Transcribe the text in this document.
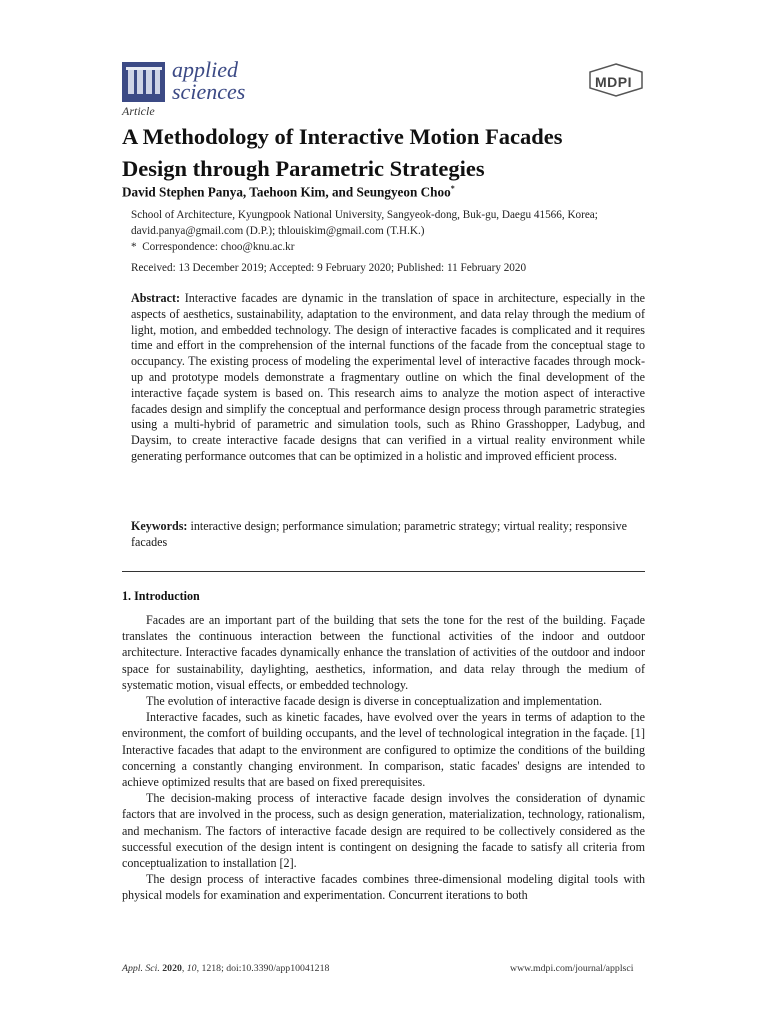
applied
sciences
Article
MDPI
A Methodology of Interactive Motion Facades
Design through Parametric Strategies
David Stephen Panya, Taehoon Kim, and Seungyeon Choo*
School of Architecture, Kyungpook National University, Sangyeok-dong, Buk-gu, Daegu 41566, Korea;
david.panya@gmail.com (D.P.); thlouiskim@gmail.com (T.H.K.)
* Correspondence: choo@knu.ac.kr
Received: 13 December 2019; Accepted: 9 February 2020; Published: 11 February 2020
Abstract: Interactive facades are dynamic in the translation of space in architecture, especially in the aspects of aesthetics, sustainability, adaptation to the environment, and data relay through the medium of light, motion, and embedded technology. The design of interactive facades is complicated and it requires time and effort in the comprehension of the internal functions of the facade from the conceptual stage to occupancy. The existing process of modeling the experimental level of interactive facades through mock-up and prototype models demonstrate a fragmentary outline on which the final development of the interactive façade system is based on. This research aims to analyze the motion aspect of interactive facades design and simplify the conceptual and performance design process through parametric strategies using a multi-hybrid of parametric and simulation tools, such as Rhino Grasshopper, Ladybug, and Daysim, to create interactive facade designs that can verified in a virtual reality environment while generating performance outcomes that can be optimized in a holistic and improved efficient process.
Keywords: interactive design; performance simulation; parametric strategy; virtual reality; responsive facades
1. Introduction

Facades are an important part of the building that sets the tone for the rest of the building. Façade translates the continuous interaction between the functional activities of the indoor and outdoor architecture. Interactive facades dynamically enhance the translation of activities of the outdoor and indoor space for sustainability, daylighting, aesthetics, information, and data relay through the medium of systematic motion, visual effects, or embedded technology.

The evolution of interactive facade design is diverse in conceptualization and implementation.

Interactive facades, such as kinetic facades, have evolved over the years in terms of adaption to the environment, the comfort of building occupants, and the level of technological integration in the façade. [1] Interactive facades that adapt to the environment are configured to optimize the conditions of the building concerning a constantly changing environment. In comparison, static facades' designs are intended to achieve optimized results that are based on fixed prerequisites.

The decision-making process of interactive facade design involves the consideration of dynamic factors that are involved in the process, such as design generation, materialization, technology, rationalism, and mechanism. The factors of interactive facade design are required to be collectively considered as the successful execution of the design intent is contingent on designing the facade to satisfy all criteria from conceptualization to installation [2].

The design process of interactive facades combines three-dimensional modeling digital tools with physical models for examination and experimentation. Concurrent iterations to both

Appl. Sci. 2020, 10, 1218; doi:10.3390/app10041218	www.mdpi.com/journal/applsci
